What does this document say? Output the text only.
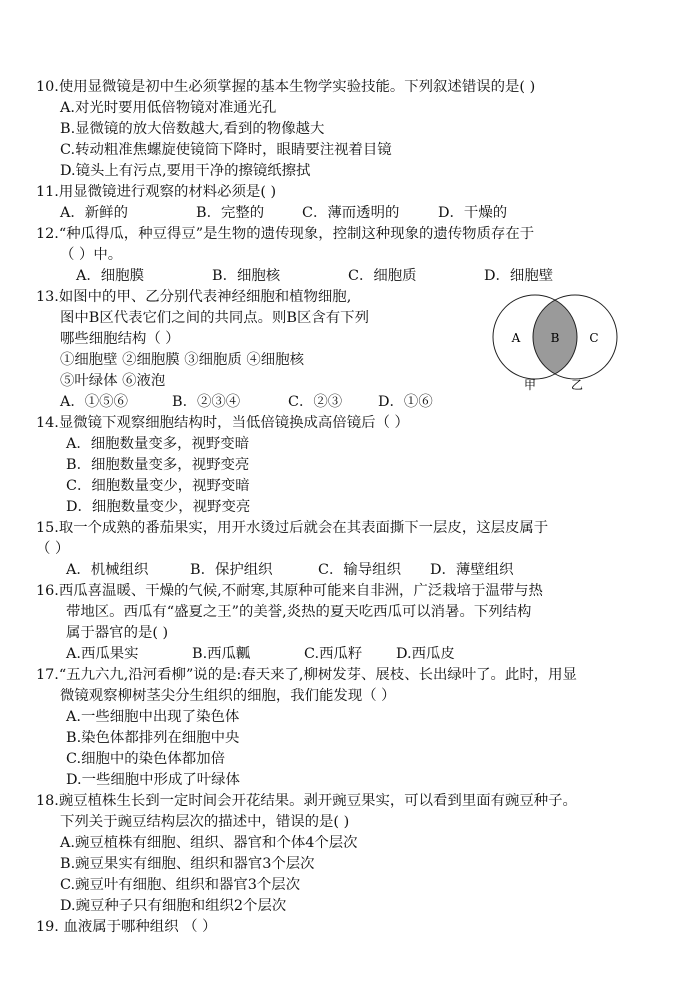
10.使用显微镜是初中生必须掌握的基本生物学实验技能。下列叙述错误的是( )
A.对光时要用低倍物镜对准通光孔
B.显微镜的放大倍数越大,看到的物像越大
C.转动粗准焦螺旋使镜筒下降时，眼睛要注视着目镜
D.镜头上有污点,要用干净的擦镜纸擦拭
11.用显微镜进行观察的材料必须是( )
A．新鲜的	B．完整的	C．薄而透明的	D．干燥的
12.“种瓜得瓜，种豆得豆”是生物的遗传现象，控制这种现象的遗传物质存在于
（ ）中。
A．细胞膜	B．细胞核	C．细胞质	D．细胞壁
13.如图中的甲、乙分别代表神经细胞和植物细胞,
图中B区代表它们之间的共同点。则B区含有下列
哪些细胞结构（ ）
①细胞壁 ②细胞膜 ③细胞质 ④细胞核
⑤叶绿体 ⑥液泡
A．①⑤⑥	B．②③④	C．②③ D．①⑥
A	B C
甲	乙
14.显微镜下观察细胞结构时，当低倍镜换成高倍镜后（ ）
A．细胞数量变多，视野变暗
B．细胞数量变多，视野变亮
C．细胞数量变少，视野变暗
D．细胞数量变少，视野变亮
15.取一个成熟的番茄果实，用开水烫过后就会在其表面撕下一层皮，这层皮属于
（ ）
A．机械组织	B．保护组织	C．输导组织 D．薄壁组织
16.西瓜喜温暖、干燥的气候,不耐寒,其原种可能来自非洲，广泛栽培于温带与热
带地区。西瓜有“盛夏之王”的美誉,炎热的夏天吃西瓜可以消暑。下列结构
属于器官的是( )
A.西瓜果实	B.西瓜瓤	C.西瓜籽 D.西瓜皮
17.“五九六九,沿河看柳”说的是:春天来了,柳树发芽、展枝、长出绿叶了。此时，用显
微镜观察柳树茎尖分生组织的细胞，我们能发现（ ）
A.一些细胞中出现了染色体
B.染色体都排列在细胞中央
C.细胞中的染色体都加倍
D.一些细胞中形成了叶绿体
18.豌豆植株生长到一定时间会开花结果。剥开豌豆果实，可以看到里面有豌豆种子。
下列关于豌豆结构层次的描述中，错误的是( )
A.豌豆植株有细胞、组织、器官和个体4个层次
B.豌豆果实有细胞、组织和器官3个层次
C.豌豆叶有细胞、组织和器官3个层次
D.豌豆种子只有细胞和组织2个层次
19. 血液属于哪种组织 （ ）
